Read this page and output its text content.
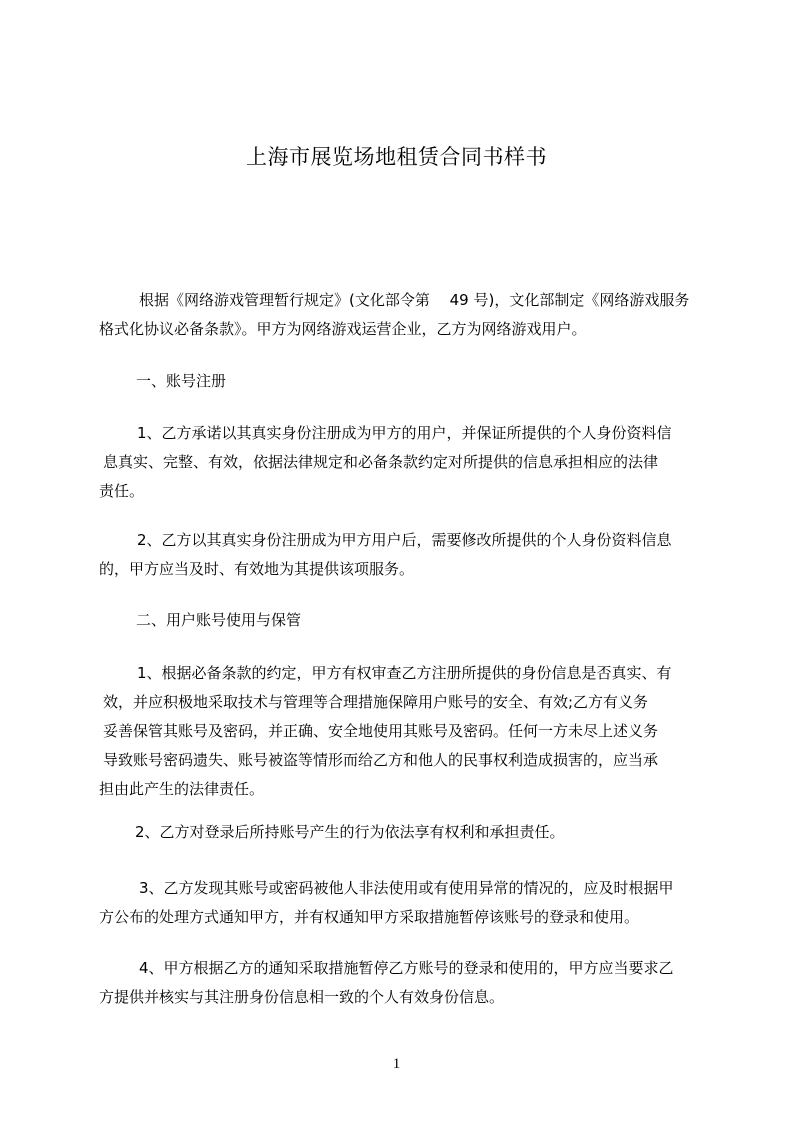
上海市展览场地租赁合同书样书

根据《网络游戏管理暂行规定》(文化部令第　 49 号)，文化部制定《网络游戏服务
格式化协议必备条款》。甲方为网络游戏运营企业，乙方为网络游戏用户。

一、账号注册

1、乙方承诺以其真实身份注册成为甲方的用户，并保证所提供的个人身份资料信
息真实、完整、有效，依据法律规定和必备条款约定对所提供的信息承担相应的法律
责任。

2、乙方以其真实身份注册成为甲方用户后，需要修改所提供的个人身份资料信息
的，甲方应当及时、有效地为其提供该项服务。

二、用户账号使用与保管

1、根据必备条款的约定，甲方有权审查乙方注册所提供的身份信息是否真实、有
效，并应积极地采取技术与管理等合理措施保障用户账号的安全、有效;乙方有义务
妥善保管其账号及密码，并正确、安全地使用其账号及密码。任何一方未尽上述义务
导致账号密码遗失、账号被盗等情形而给乙方和他人的民事权利造成损害的，应当承
担由此产生的法律责任。

2、乙方对登录后所持账号产生的行为依法享有权利和承担责任。

3、乙方发现其账号或密码被他人非法使用或有使用异常的情况的，应及时根据甲
方公布的处理方式通知甲方，并有权通知甲方采取措施暂停该账号的登录和使用。

4、甲方根据乙方的通知采取措施暂停乙方账号的登录和使用的，甲方应当要求乙
方提供并核实与其注册身份信息相一致的个人有效身份信息。

1
